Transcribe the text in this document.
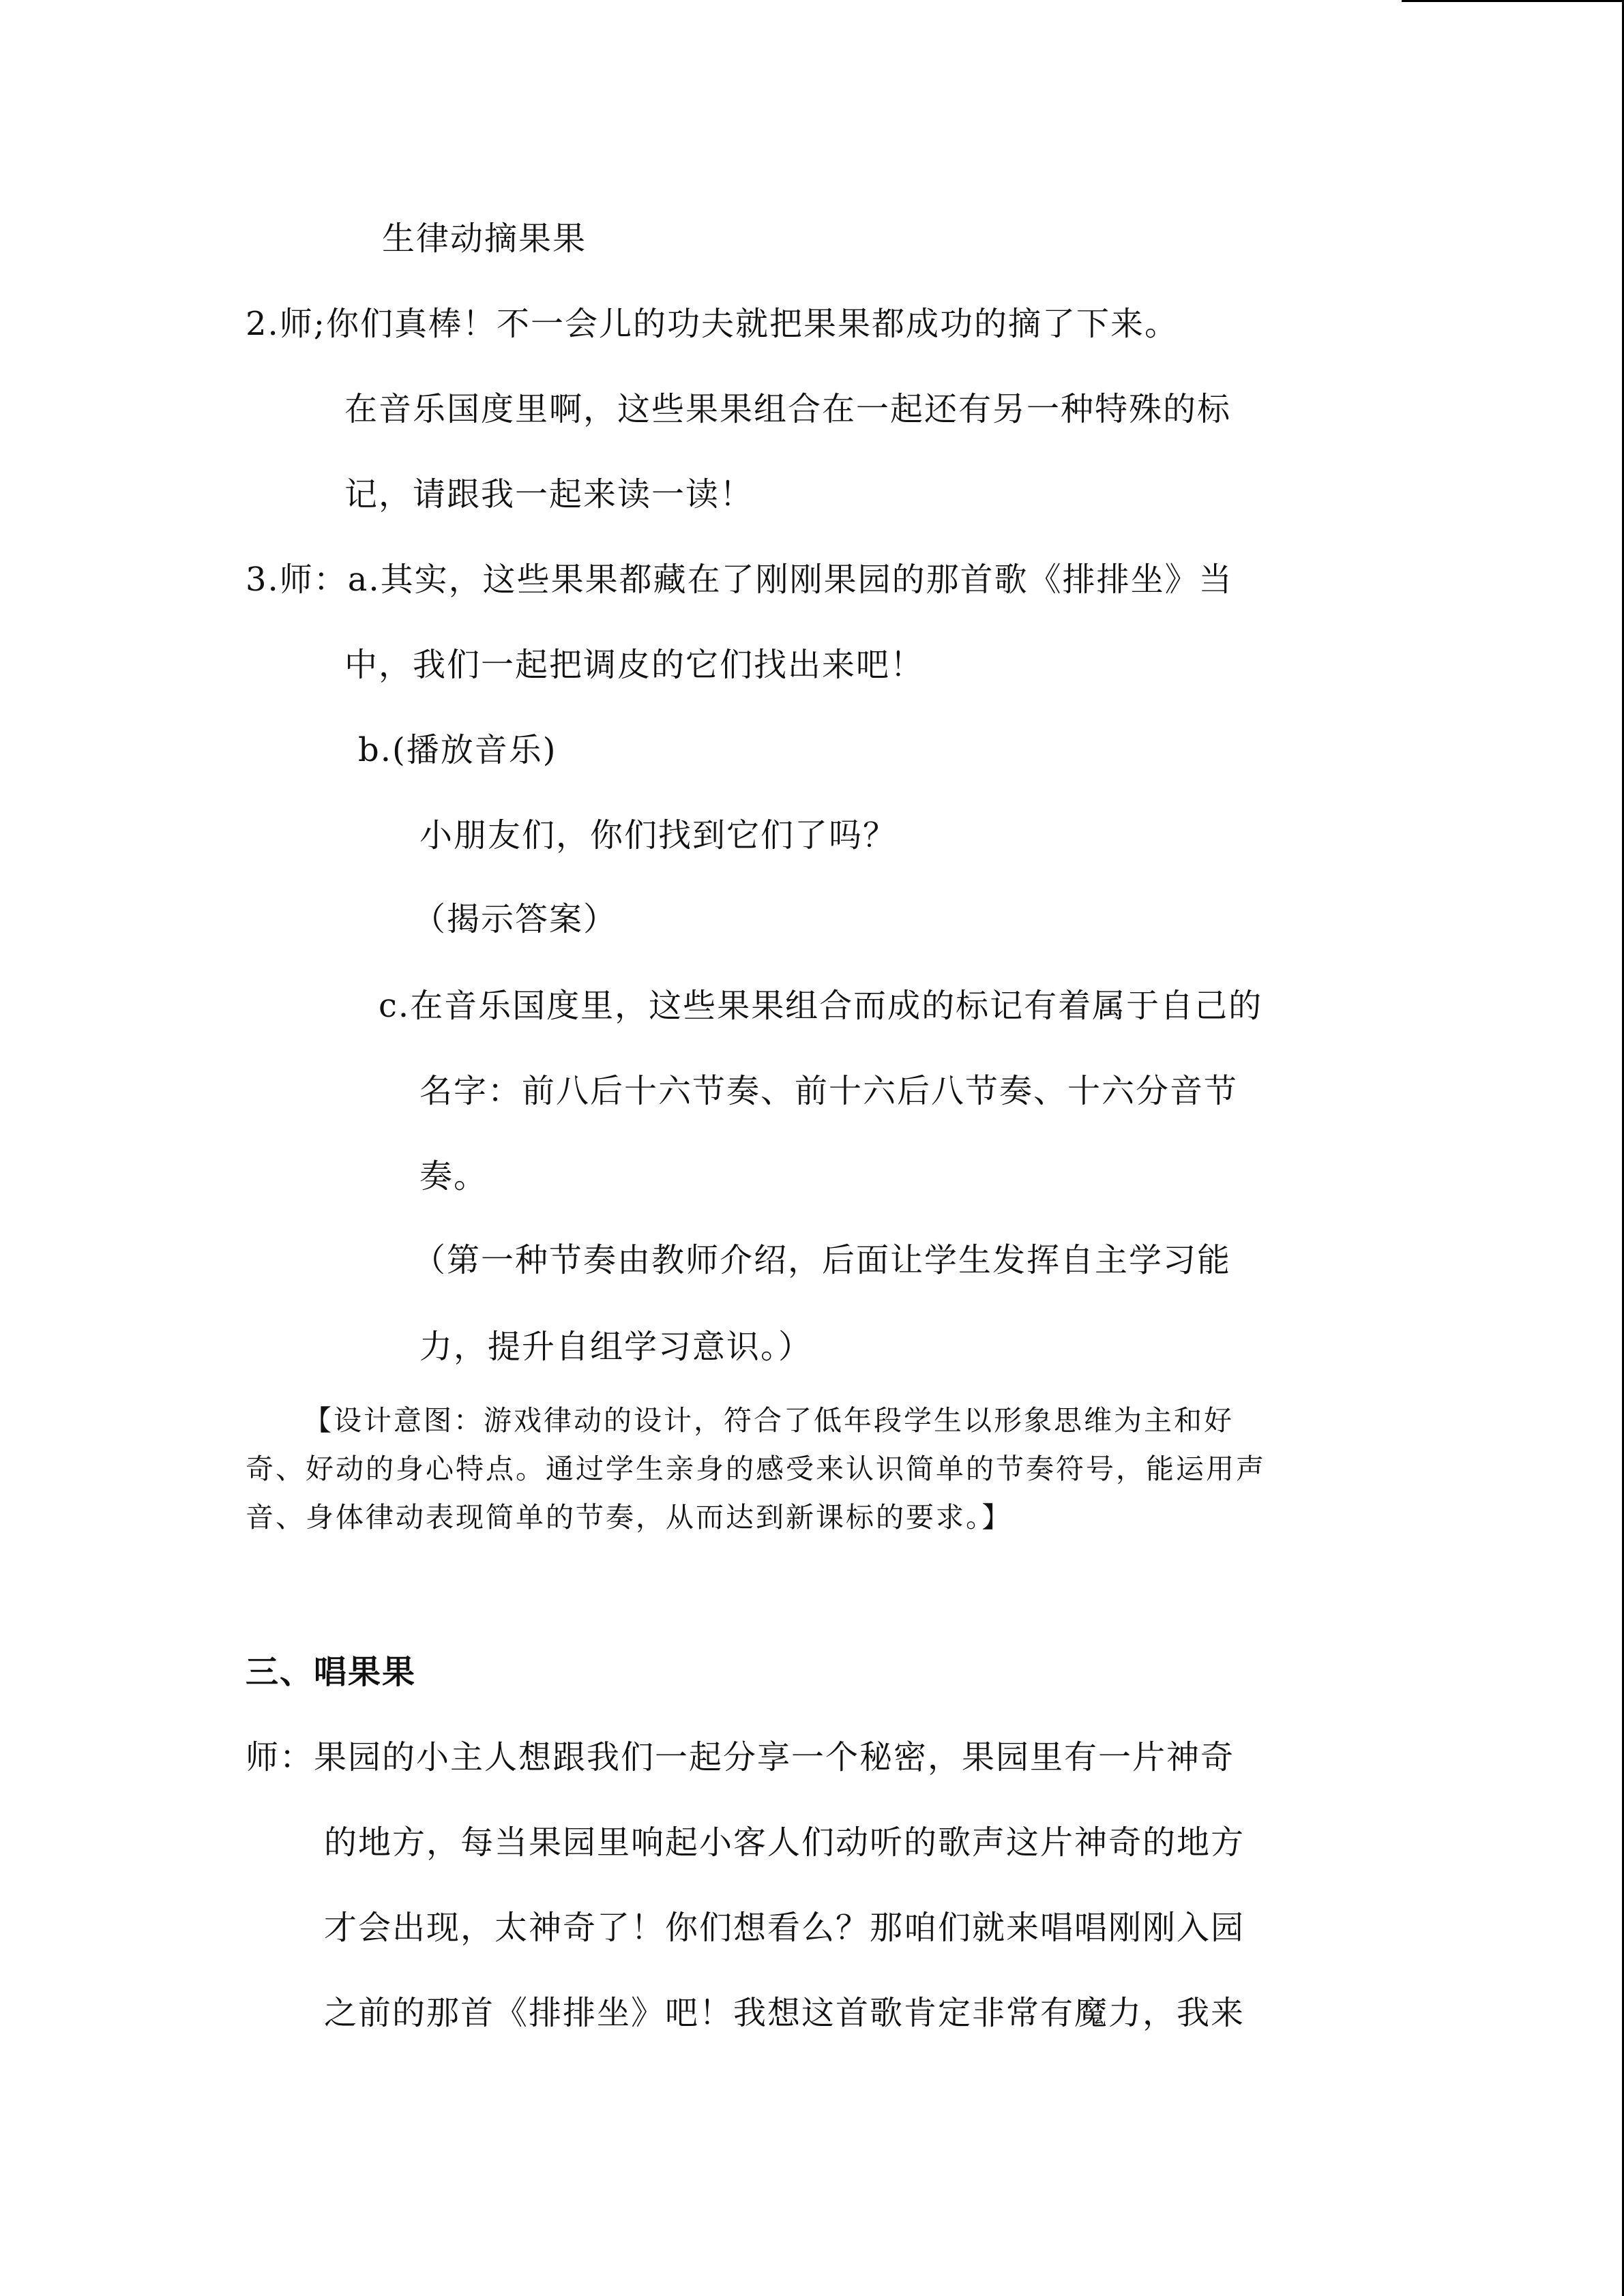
生律动摘果果
2.师;你们真棒！不一会儿的功夫就把果果都成功的摘了下来。
在音乐国度里啊，这些果果组合在一起还有另一种特殊的标
记，请跟我一起来读一读！
3.师：a.其实，这些果果都藏在了刚刚果园的那首歌《排排坐》当
中，我们一起把调皮的它们找出来吧！
b.(播放音乐)
小朋友们，你们找到它们了吗？
（揭示答案）
c.在音乐国度里，这些果果组合而成的标记有着属于自己的
名字：前八后十六节奏、前十六后八节奏、十六分音节
奏。
（第一种节奏由教师介绍，后面让学生发挥自主学习能
力，提升自组学习意识。）
【设计意图：游戏律动的设计，符合了低年段学生以形象思维为主和好
奇、好动的身心特点。通过学生亲身的感受来认识简单的节奏符号，能运用声
音、身体律动表现简单的节奏，从而达到新课标的要求。】
三、唱果果
师：果园的小主人想跟我们一起分享一个秘密，果园里有一片神奇
的地方，每当果园里响起小客人们动听的歌声这片神奇的地方
才会出现，太神奇了！你们想看么？那咱们就来唱唱刚刚入园
之前的那首《排排坐》吧！我想这首歌肯定非常有魔力，我来
